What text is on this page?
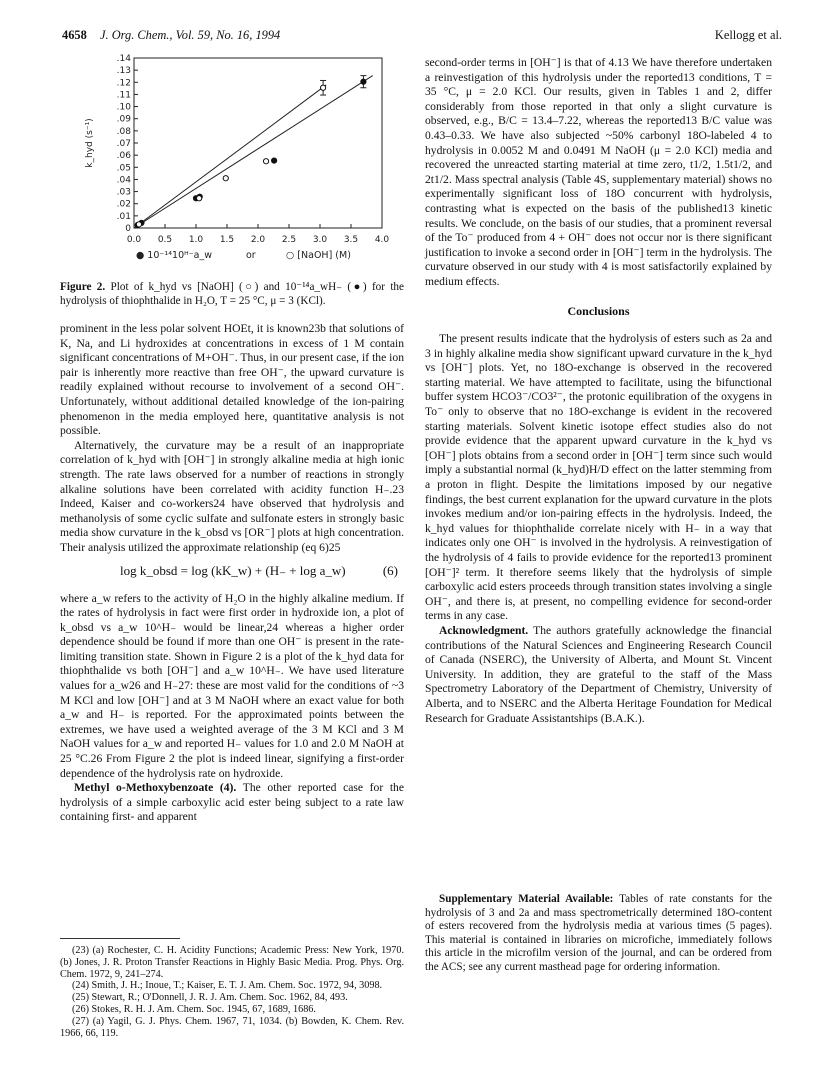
4658 J. Org. Chem., Vol. 59, No. 16, 1994	Kellogg et al.
0
.01
.02
.03
.04
.05
.06
.07
.08
.09
.10
.11
.12
.13
.14
0.0 0.5 1.0 1.5 2.0 2.5 3.0 3.5 4.0
k_hyd (s⁻¹)
● 10⁻¹⁴10ᴴ⁻a_w	or	○ [NaOH] (M)
Figure 2. Plot of k_hyd vs [NaOH] (○) and 10⁻¹⁴a_wH₋ (●) for the hydrolysis of thiophthalide in H₂O, T = 25 °C, μ = 3 (KCl).

prominent in the less polar solvent HOEt, it is known23b that solutions of K, Na, and Li hydroxides at concentrations in excess of 1 M contain significant concentrations of M+OH⁻. Thus, in our present case, if the ion pair is inherently more reactive than free OH⁻, the upward curvature is readily explained without recourse to involvement of a second OH⁻. Unfortunately, without additional detailed knowledge of the ion-pairing phenomenon in the media employed here, quantitative analysis is not possible.

Alternatively, the curvature may be a result of an inappropriate correlation of k_hyd with [OH⁻] in strongly alkaline media at high ionic strength. The rate laws observed for a number of reactions in strongly alkaline solutions have been correlated with acidity function H₋.23 Indeed, Kaiser and co-workers24 have observed that hydrolysis and methanolysis of some cyclic sulfate and sulfonate esters in strongly basic media show curvature in the k_obsd vs [OR⁻] plots at high concentration. Their analysis utilized the approximate relationship (eq 6)25

log k_obsd = log (kK_w) + (H₋ + log a_w)	(6)

where a_w refers to the activity of H₂O in the highly alkaline medium. If the rates of hydrolysis in fact were first order in hydroxide ion, a plot of k_obsd vs a_w 10^H₋ would be linear,24 whereas a higher order dependence should be found if more than one OH⁻ is present in the rate-limiting transition state. Shown in Figure 2 is a plot of the k_hyd data for thiophthalide vs both [OH⁻] and a_w 10^H₋. We have used literature values for a_w26 and H₋27: these are most valid for the conditions of ~3 M KCl and low [OH⁻] and at 3 M NaOH where an exact value for both a_w and H₋ is reported. For the approximated points between the extremes, we have used a weighted average of the 3 M KCl and 3 M NaOH values for a_w and reported H₋ values for 1.0 and 2.0 M NaOH at 25 °C.26 From Figure 2 the plot is indeed linear, signifying a first-order dependence of the hydrolysis rate on hydroxide.

Methyl o-Methoxybenzoate (4). The other reported case for the hydrolysis of a simple carboxylic acid ester being subject to a rate law containing first- and apparent

(23) (a) Rochester, C. H. Acidity Functions; Academic Press: New York, 1970. (b) Jones, J. R. Proton Transfer Reactions in Highly Basic Media. Prog. Phys. Org. Chem. 1972, 9, 241–274.

(24) Smith, J. H.; Inoue, T.; Kaiser, E. T. J. Am. Chem. Soc. 1972, 94, 3098.

(25) Stewart, R.; O'Donnell, J. R. J. Am. Chem. Soc. 1962, 84, 493.

(26) Stokes, R. H. J. Am. Chem. Soc. 1945, 67, 1689, 1686.

(27) (a) Yagil, G. J. Phys. Chem. 1967, 71, 1034. (b) Bowden, K. Chem. Rev. 1966, 66, 119.

second-order terms in [OH⁻] is that of 4.13 We have therefore undertaken a reinvestigation of this hydrolysis under the reported13 conditions, T = 35 °C, μ = 2.0 KCl. Our results, given in Tables 1 and 2, differ considerably from those reported in that only a slight curvature is observed, e.g., B/C = 13.4–7.22, whereas the reported13 B/C value was 0.43–0.33. We have also subjected ~50% carbonyl 18O-labeled 4 to hydrolysis in 0.0052 M and 0.0491 M NaOH (μ = 2.0 KCl) media and recovered the unreacted starting material at time zero, t1/2, 1.5t1/2, and 2t1/2. Mass spectral analysis (Table 4S, supplementary material) shows no experimentally significant loss of 18O concurrent with hydrolysis, contrasting what is expected on the basis of the published13 kinetic results. We conclude, on the basis of our studies, that a prominent reversal of the To⁻ produced from 4 + OH⁻ does not occur nor is there significant justification to invoke a second order in [OH⁻] term in the hydrolysis. The curvature observed in our study with 4 is most satisfactorily explained by medium effects.

Conclusions

The present results indicate that the hydrolysis of esters such as 2a and 3 in highly alkaline media show significant upward curvature in the k_hyd vs [OH⁻] plots. Yet, no 18O-exchange is observed in the recovered starting material. We have attempted to facilitate, using the bifunctional buffer system HCO3⁻/CO3²⁻, the protonic equilibration of the oxygens in To⁻ only to observe that no 18O-exchange is evident in the recovered starting materials. Solvent kinetic isotope effect studies also do not provide evidence that the apparent upward curvature in the k_hyd vs [OH⁻] plots obtains from a second order in [OH⁻] term since such would imply a substantial normal (k_hyd)H/D effect on the latter stemming from a proton in flight. Despite the limitations imposed by our negative findings, the best current explanation for the upward curvature in the plots invokes medium and/or ion-pairing effects in the hydrolysis. Indeed, the k_hyd values for thiophthalide correlate nicely with H₋ in a way that indicates only one OH⁻ is involved in the hydrolysis. A reinvestigation of the hydrolysis of 4 fails to provide evidence for the reported13 prominent [OH⁻]² term. It therefore seems likely that the hydrolysis of simple carboxylic acid esters proceeds through transition states involving a single OH⁻, and there is, at present, no compelling evidence for second-order terms in any case.

Acknowledgment. The authors gratefully acknowledge the financial contributions of the Natural Sciences and Engineering Research Council of Canada (NSERC), the University of Alberta, and Mount St. Vincent University. In addition, they are grateful to the staff of the Mass Spectrometry Laboratory of the Department of Chemistry, University of Alberta, and to NSERC and the Alberta Heritage Foundation for Medical Research for Graduate Assistantships (B.A.K.).

Supplementary Material Available: Tables of rate constants for the hydrolysis of 3 and 2a and mass spectrometrically determined 18O-content of esters recovered from the hydrolysis media at various times (5 pages). This material is contained in libraries on microfiche, immediately follows this article in the microfilm version of the journal, and can be ordered from the ACS; see any current masthead page for ordering information.
